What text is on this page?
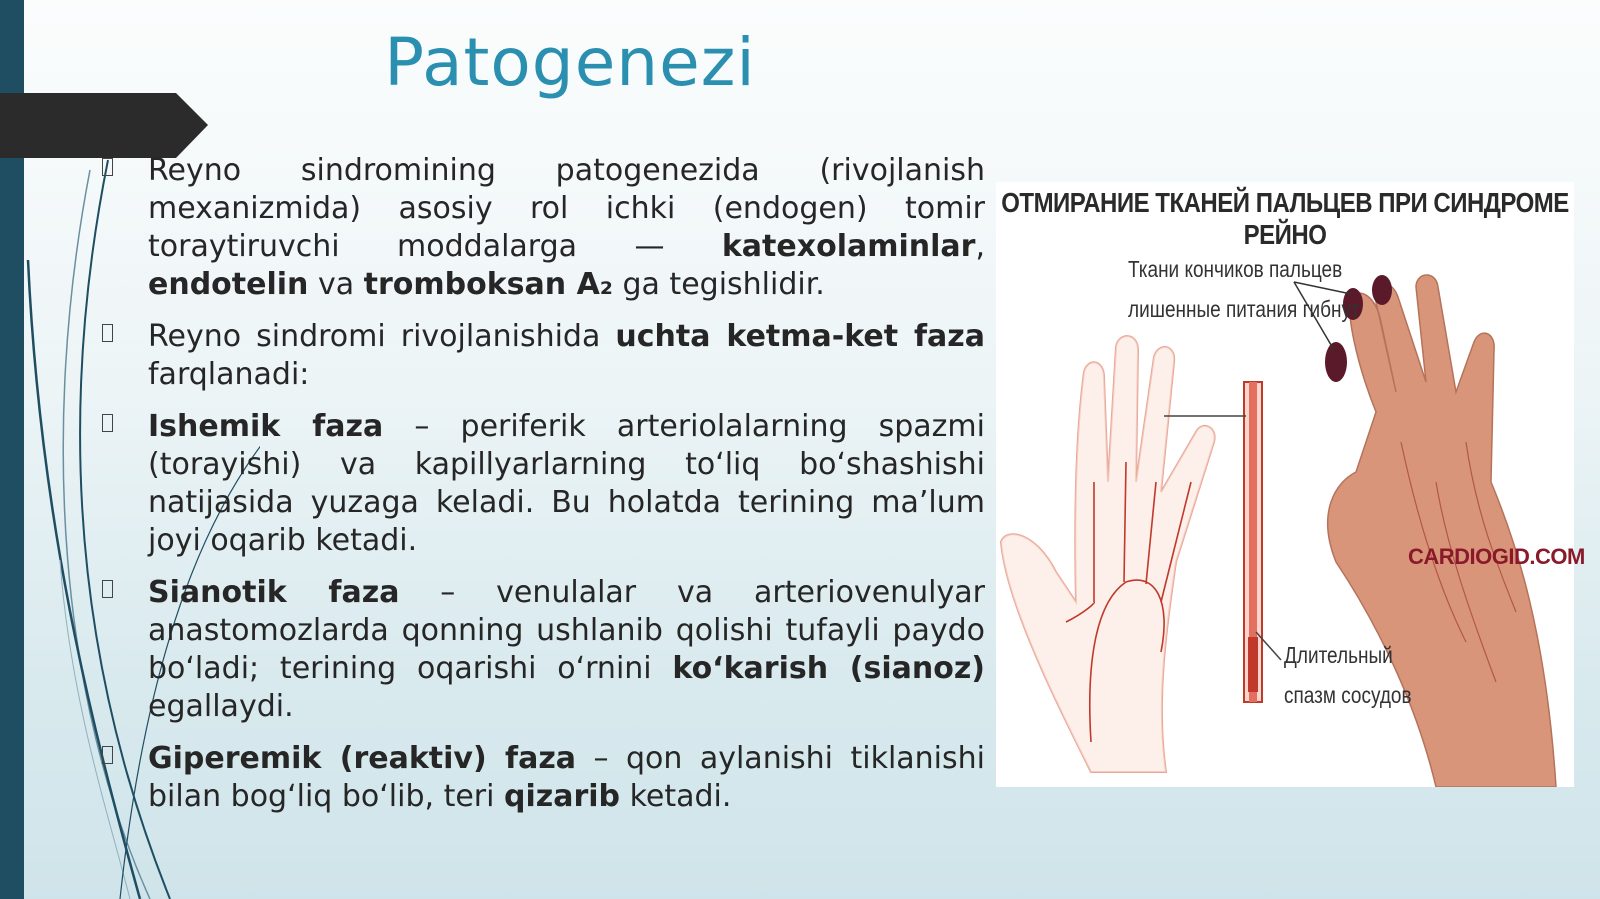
Patogenezi
Reyno sindromining patogenezida (rivojlanish mexanizmida) asosiy rol ichki (endogen) tomir toraytiruvchi moddalarga — katexolaminlar, endotelin va tromboksan A₂ ga tegishlidir.
Reyno sindromi rivojlanishida uchta ketma-ket faza farqlanadi:
Ishemik faza – periferik arteriolalarning spazmi (torayishi) va kapillyarlarning to‘liq bo‘shashishi natijasida yuzaga keladi. Bu holatda terining ma’lum joyi oqarib ketadi.
Sianotik faza – venulalar va arteriovenulyar anastomozlarda qonning ushlanib qolishi tufayli paydo bo‘ladi; terining oqarishi o‘rnini ko‘karish (sianoz) egallaydi.
Giperemik (reaktiv) faza – qon aylanishi tiklanishi bilan bog‘liq bo‘lib, teri qizarib ketadi.
ОТМИРАНИЕ ТКАНЕЙ ПАЛЬЦЕВ ПРИ СИНДРОМЕ РЕЙНО
Ткани кончиков пальцев
лишенные питания гибнут
Длительный
спазм сосудов
CARDIOGID.COM
